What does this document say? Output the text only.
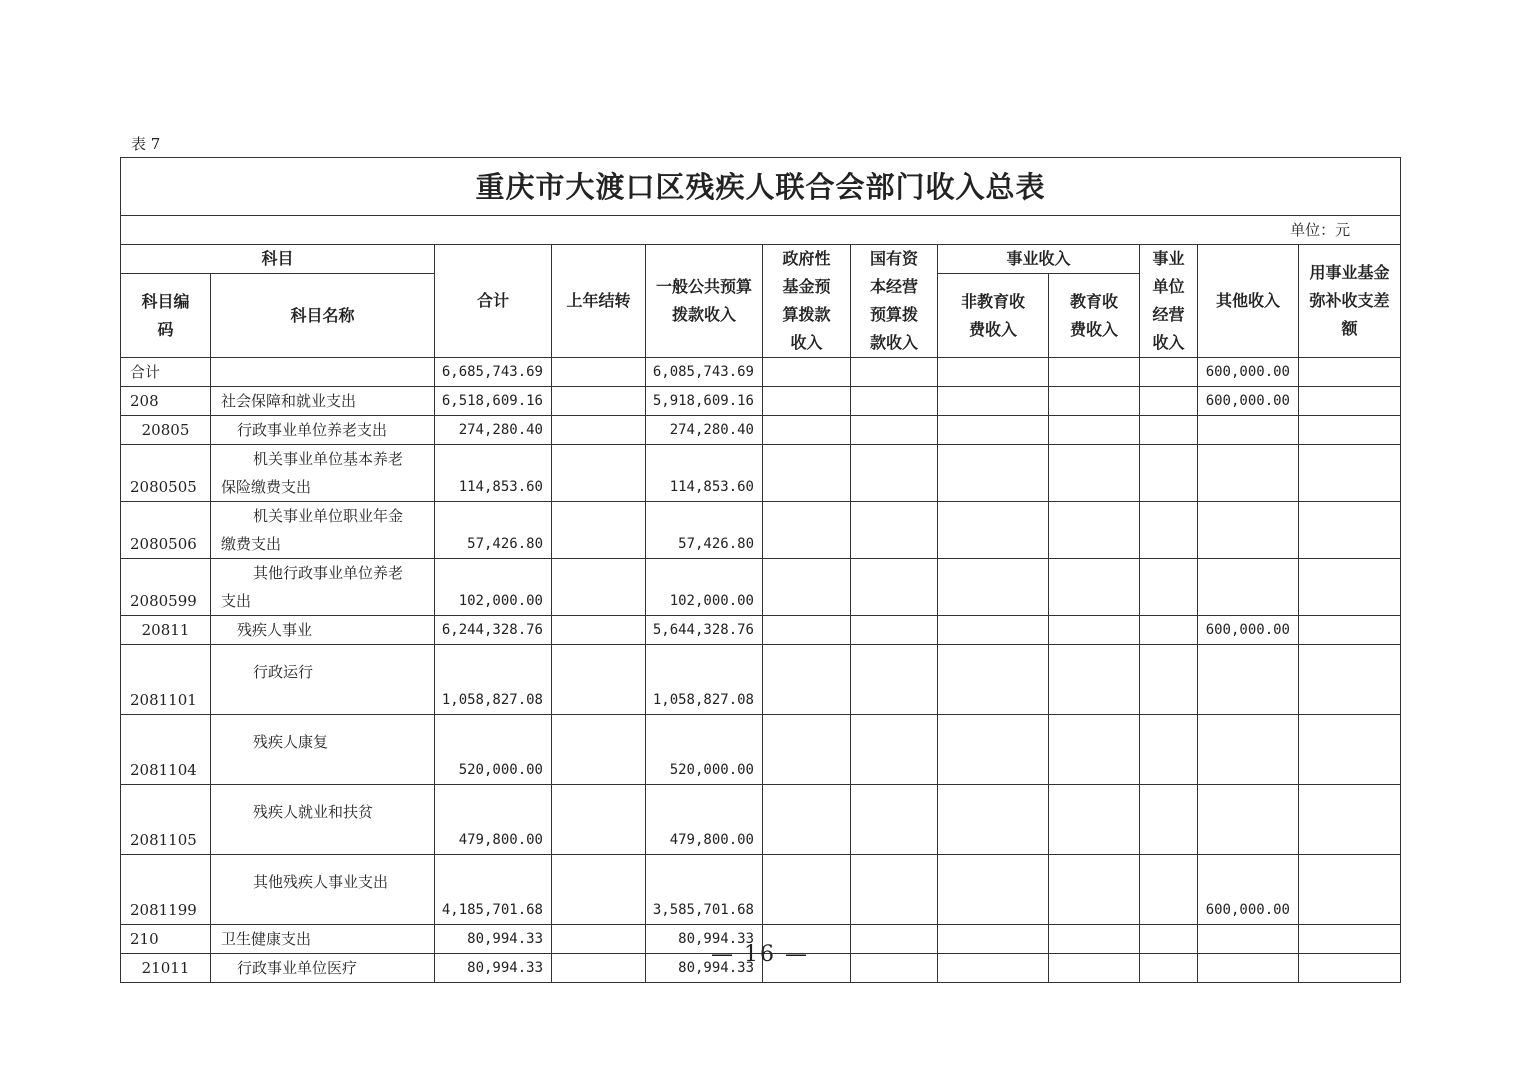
表 7
重庆市大渡口区残疾人联合会部门收入总表											
单位：元											
科目		合计	上年结转	一般公共预算拨款收入	政府性基金预算拨款收入	国有资本经营预算拨款收入	事业收入		事业单位经营收入	其他收入	用事业基金弥补收支差额
科目编码	科目名称						非教育收费收入	教育收费收入			
合计		6,685,743.69		6,085,743.69						600,000.00	
208	社会保障和就业支出	6,518,609.16		5,918,609.16						600,000.00	
20805	行政事业单位养老支出	274,280.40		274,280.40							
2080505	机关事业单位基本养老
保险缴费支出	114,853.60		114,853.60							
2080506	机关事业单位职业年金
缴费支出	57,426.80		57,426.80							
2080599	其他行政事业单位养老
支出	102,000.00		102,000.00							
20811	残疾人事业	6,244,328.76		5,644,328.76						600,000.00	
2081101	行政运行	1,058,827.08		1,058,827.08							
2081104	残疾人康复	520,000.00		520,000.00							
2081105	残疾人就业和扶贫	479,800.00		479,800.00							
2081199	其他残疾人事业支出	4,185,701.68		3,585,701.68						600,000.00	
210	卫生健康支出	80,994.33		80,994.33							
21011	行政事业单位医疗	80,994.33		80,994.33							
— 16 —
